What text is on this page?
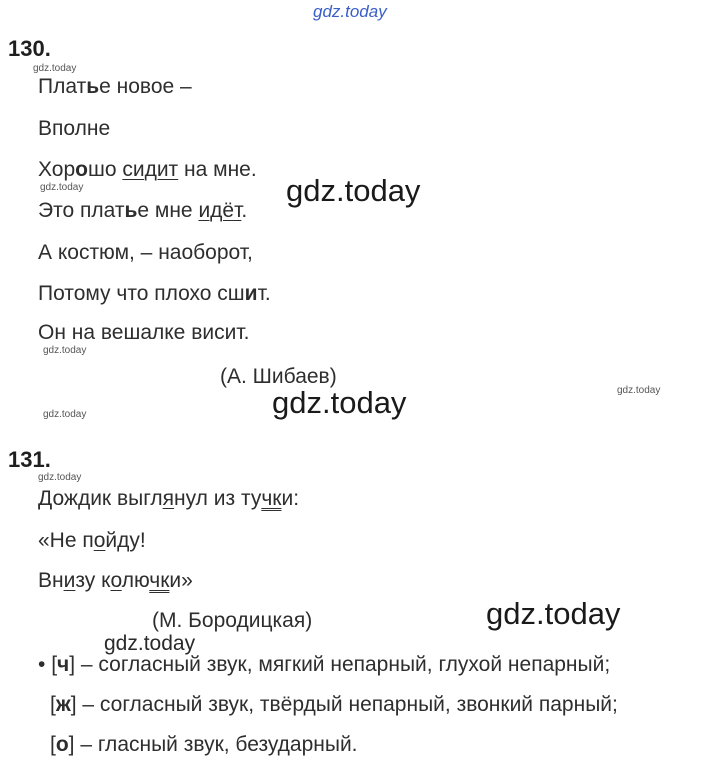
gdz.today
gdz.today
gdz.today	gdz.today
gdz.today
gdz.today	gdz.today
gdz.today
gdz.today
gdz.today
gdz.today
130.
Платье новое –
Вполне
Хорошо сидит на мне.
Это платье мне идёт.
А костюм, – наоборот,
Потому что плохо сшит.
Он на вешалке висит.
(А. Шибаев)
131.
Дождик выглянул из тучки:
«Не пойду!
Внизу колючки»
(М. Бородицкая)
• [ч] – согласный звук, мягкий непарный, глухой непарный;
[ж] – согласный звук, твёрдый непарный, звонкий парный;
[о] – гласный звук, безударный.
